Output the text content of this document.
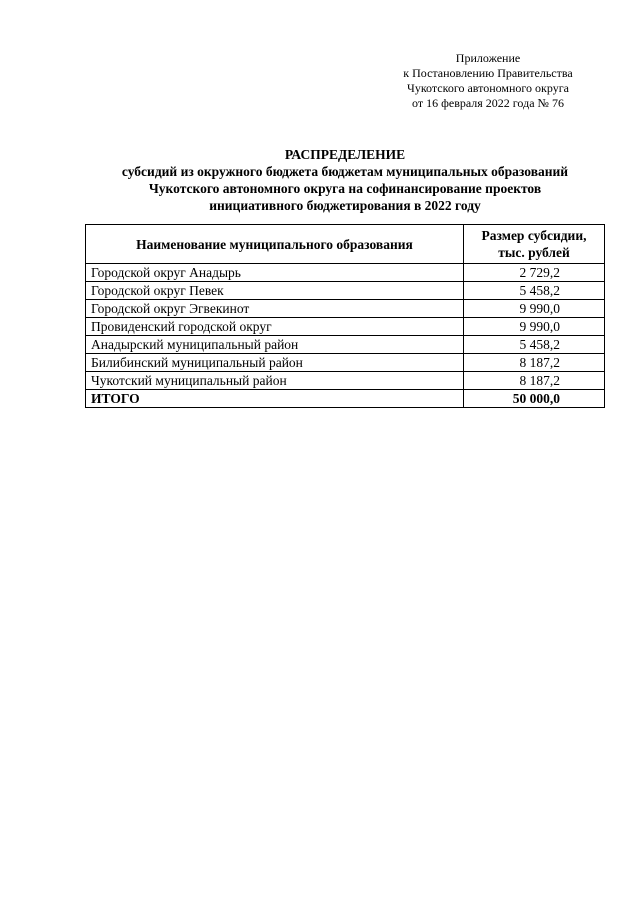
Приложение
к Постановлению Правительства
Чукотского автономного округа
от 16 февраля 2022 года № 76
РАСПРЕДЕЛЕНИЕ
субсидий из окружного бюджета бюджетам муниципальных образований
Чукотского автономного округа на софинансирование проектов
инициативного бюджетирования в 2022 году
Наименование муниципального образования	Размер субсидии,
тыс. рублей
Городской округ Анадырь	2 729,2
Городской округ Певек	5 458,2
Городской округ Эгвекинот	9 990,0
Провиденский городской округ	9 990,0
Анадырский муниципальный район	5 458,2
Билибинский муниципальный район	8 187,2
Чукотский муниципальный район	8 187,2
ИТОГО	50 000,0
